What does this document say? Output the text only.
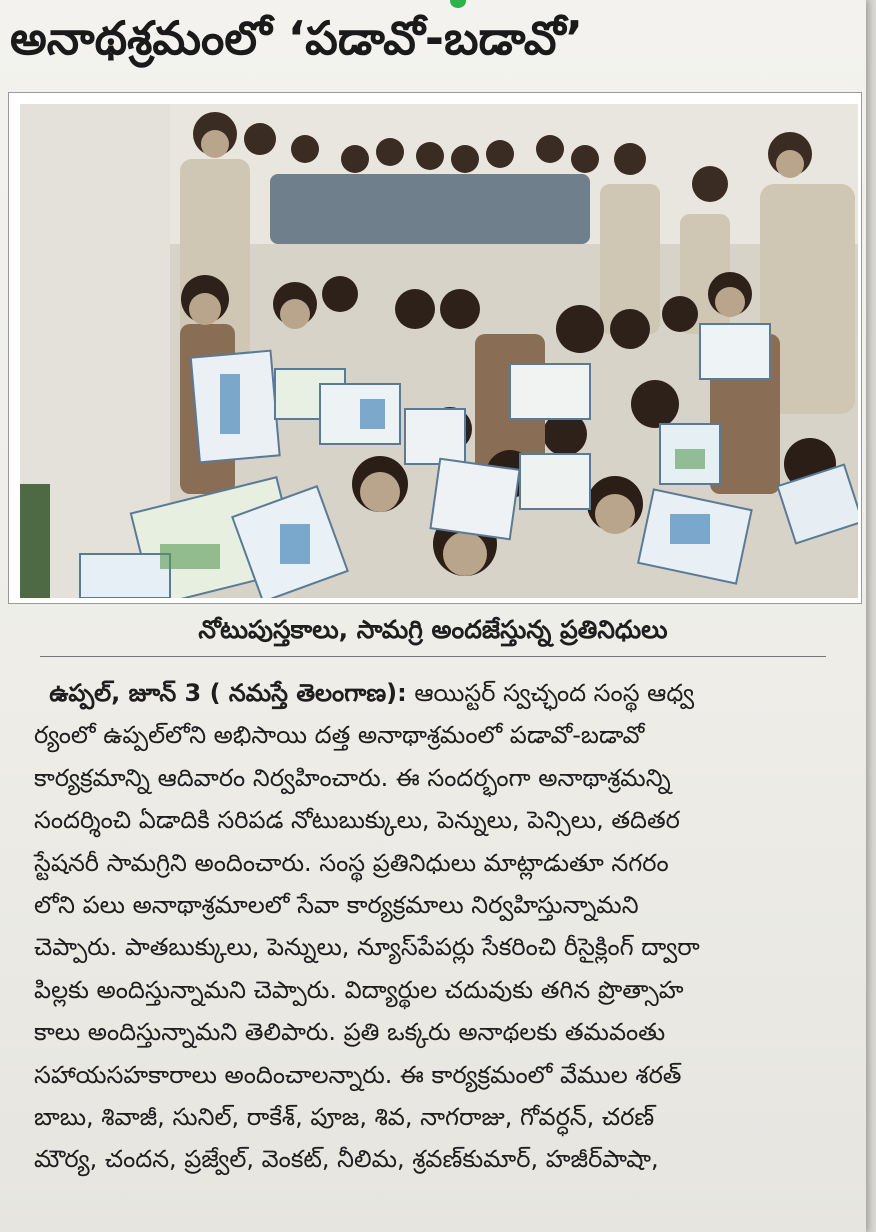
అనాథశ్రమంలో ‘పడావో-బడావో’
నోటుపుస్తకాలు, సామగ్రి అందజేస్తున్న ప్రతినిధులు
ఉప్పల్, జూన్ 3 ( నమస్తే తెలంగాణ): ఆయిస్టర్ స్వచ్ఛంద సంస్థ ఆధ్వ
ర్యంలో ఉప్పల్‌లోని అభిసాయి దత్త అనాథాశ్రమంలో పడావో-బడావో
కార్యక్రమాన్ని ఆదివారం నిర్వహించారు. ఈ సందర్భంగా అనాథాశ్రమన్ని
సందర్శించి ఏడాదికి సరిపడ నోటుబుక్కులు, పెన్నులు, పెన్సిలు, తదితర
స్టేషనరీ సామగ్రిని అందించారు. సంస్థ ప్రతినిధులు మాట్లాడుతూ నగరం
లోని పలు అనాథాశ్రమాలలో సేవా కార్యక్రమాలు నిర్వహిస్తున్నామని
చెప్పారు. పాతబుక్కులు, పెన్నులు, న్యూస్‌పేపర్లు సేకరించి రీసైక్లింగ్ ద్వారా
పిల్లకు అందిస్తున్నామని చెప్పారు. విద్యార్థుల చదువుకు తగిన ప్రొత్సాహ
కాలు అందిస్తున్నామని తెలిపారు. ప్రతి ఒక్కరు అనాథలకు తమవంతు
సహాయసహకారాలు అందించాలన్నారు. ఈ కార్యక్రమంలో వేముల శరత్
బాబు, శివాజీ, సునిల్, రాకేశ్, పూజ, శివ, నాగరాజు, గోవర్ధన్, చరణ్
మౌర్య, చందన, ప్రజ్వేల్, వెంకట్, నీలిమ, శ్రవణ్‌కుమార్, హజీర్‌పాషా,
